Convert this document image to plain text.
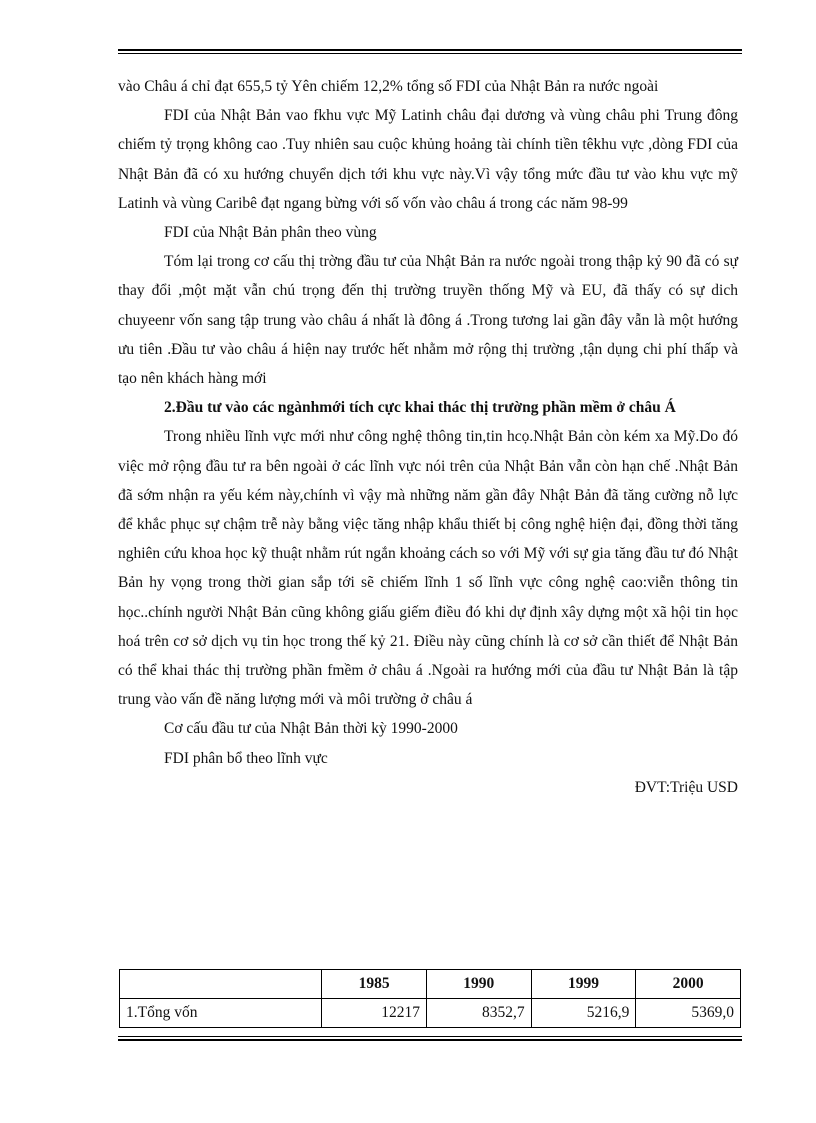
vào Châu á chỉ đạt 655,5 tỷ Yên chiếm 12,2% tổng số FDI của Nhật Bản ra nước ngoài

FDI của Nhật Bản vao fkhu vực Mỹ Latinh châu đại dương và vùng châu phi Trung đông chiếm tỷ trọng không cao .Tuy nhiên sau cuộc khủng hoảng tài chính tiền têkhu vực ,dòng FDI của Nhật Bản đã có xu hướng chuyển dịch tới khu vực này.Vì vậy tổng mức đầu tư vào khu vực mỹ Latinh và vùng Caribê đạt ngang bừng với số vốn vào châu á trong các năm 98-99

FDI của Nhật Bản phân theo vùng

Tóm lại trong cơ cấu thị trờng đầu tư của Nhật Bản ra nước ngoài trong thập kỷ 90 đã có sự thay đổi ,một mặt vẫn chú trọng đến thị trường truyền thống Mỹ và EU, đã thấy có sự dich chuyeenr vốn sang tập trung vào châu á nhất là đông á .Trong tương lai gần đây vẫn là một hướng ưu tiên .Đầu tư vào châu á hiện nay trước hết nhằm mở rộng thị trường ,tận dụng chi phí thấp và tạo nên khách hàng mới

2.Đầu tư vào các ngànhmới tích cực khai thác thị trường phần mềm ở châu Á

Trong nhiều lĩnh vực mới như công nghệ thông tin,tin hcọ.Nhật Bản còn kém xa Mỹ.Do đó việc mở rộng đầu tư ra bên ngoài ở các lĩnh vực nói trên của Nhật Bản vẫn còn hạn chế .Nhật Bản đã sớm nhận ra yếu kém này,chính vì vậy mà những năm gần đây Nhật Bản đã tăng cường nỗ lực để khắc phục sự chậm trễ này bằng việc tăng nhập khẩu thiết bị công nghệ hiện đại, đồng thời tăng nghiên cứu khoa học kỹ thuật nhằm rút ngắn khoảng cách so với Mỹ với sự gia tăng đầu tư đó Nhật Bản hy vọng trong thời gian sắp tới sẽ chiếm lĩnh 1 số lĩnh vực công nghệ cao:viễn thông tin học..chính người Nhật Bản cũng không giấu giếm điều đó khi dự định xây dựng một xã hội tin học hoá trên cơ sở dịch vụ tin học trong thế kỷ 21. Điều này cũng chính là cơ sở cần thiết để Nhật Bản có thể khai thác thị trường phần fmềm ở châu á .Ngoài ra hướng mới của đầu tư Nhật Bản là tập trung vào vấn đề năng lượng mới và môi trường ở châu á

Cơ cấu đầu tư của Nhật Bản thời kỳ 1990-2000

FDI phân bổ theo lĩnh vực

ĐVT:Triệu USD

	1985	1990	1999	2000
1.Tổng vốn	12217	8352,7	5216,9	5369,0
